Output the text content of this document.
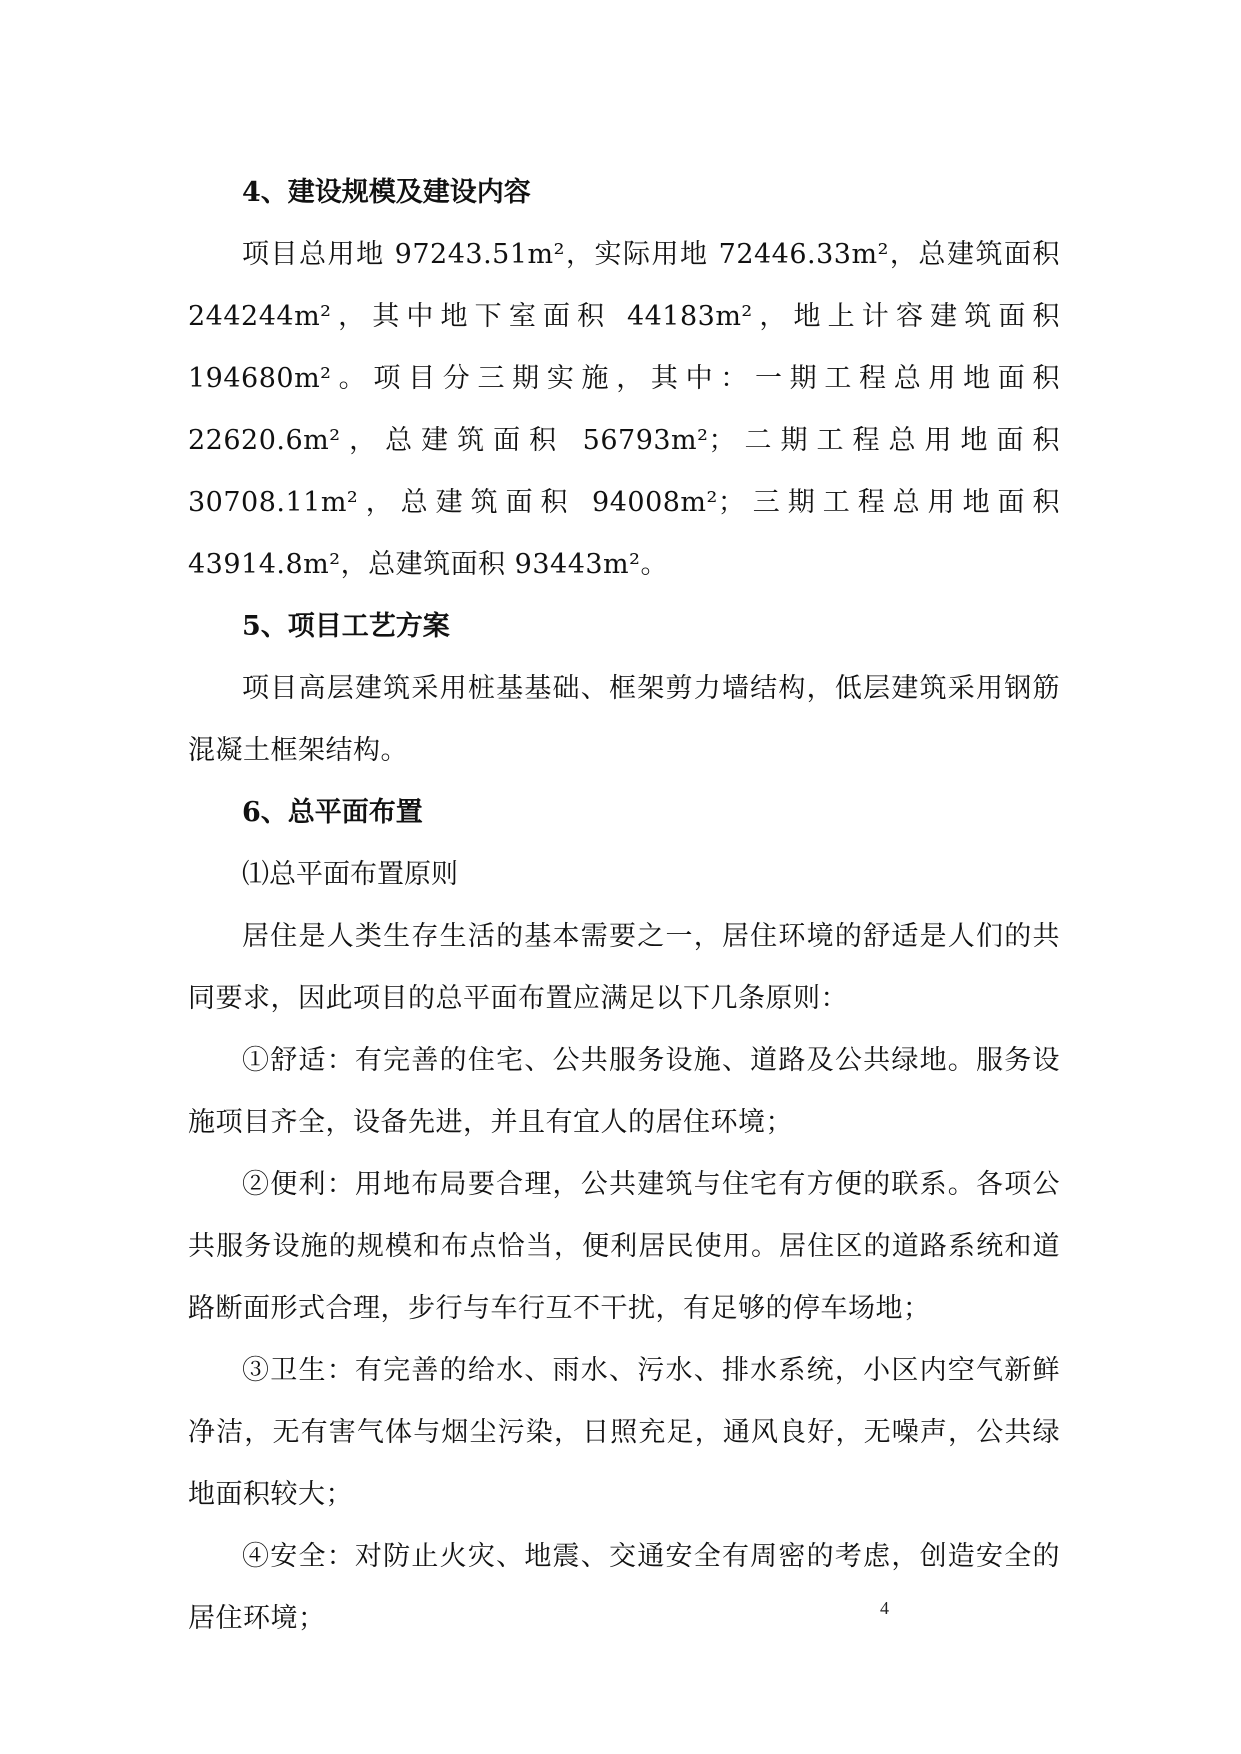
4、建设规模及建设内容

项目总用地 97243.51m²，实际用地 72446.33m²，总建筑面积 244244m²，其中地下室面积 44183m²，地上计容建筑面积 194680m²。项目分三期实施，其中：一期工程总用地面积 22620.6m²，总建筑面积 56793m²；二期工程总用地面积 30708.11m²，总建筑面积 94008m²；三期工程总用地面积 43914.8m²，总建筑面积 93443m²。

5、项目工艺方案

项目高层建筑采用桩基基础、框架剪力墙结构，低层建筑采用钢筋混凝土框架结构。

6、总平面布置

⑴总平面布置原则

居住是人类生存生活的基本需要之一，居住环境的舒适是人们的共同要求，因此项目的总平面布置应满足以下几条原则：

①舒适：有完善的住宅、公共服务设施、道路及公共绿地。服务设施项目齐全，设备先进，并且有宜人的居住环境；

②便利：用地布局要合理，公共建筑与住宅有方便的联系。各项公共服务设施的规模和布点恰当，便利居民使用。居住区的道路系统和道路断面形式合理，步行与车行互不干扰，有足够的停车场地；

③卫生：有完善的给水、雨水、污水、排水系统，小区内空气新鲜净洁，无有害气体与烟尘污染，日照充足，通风良好，无噪声，公共绿地面积较大；

④安全：对防止火灾、地震、交通安全有周密的考虑，创造安全的居住环境；	4
